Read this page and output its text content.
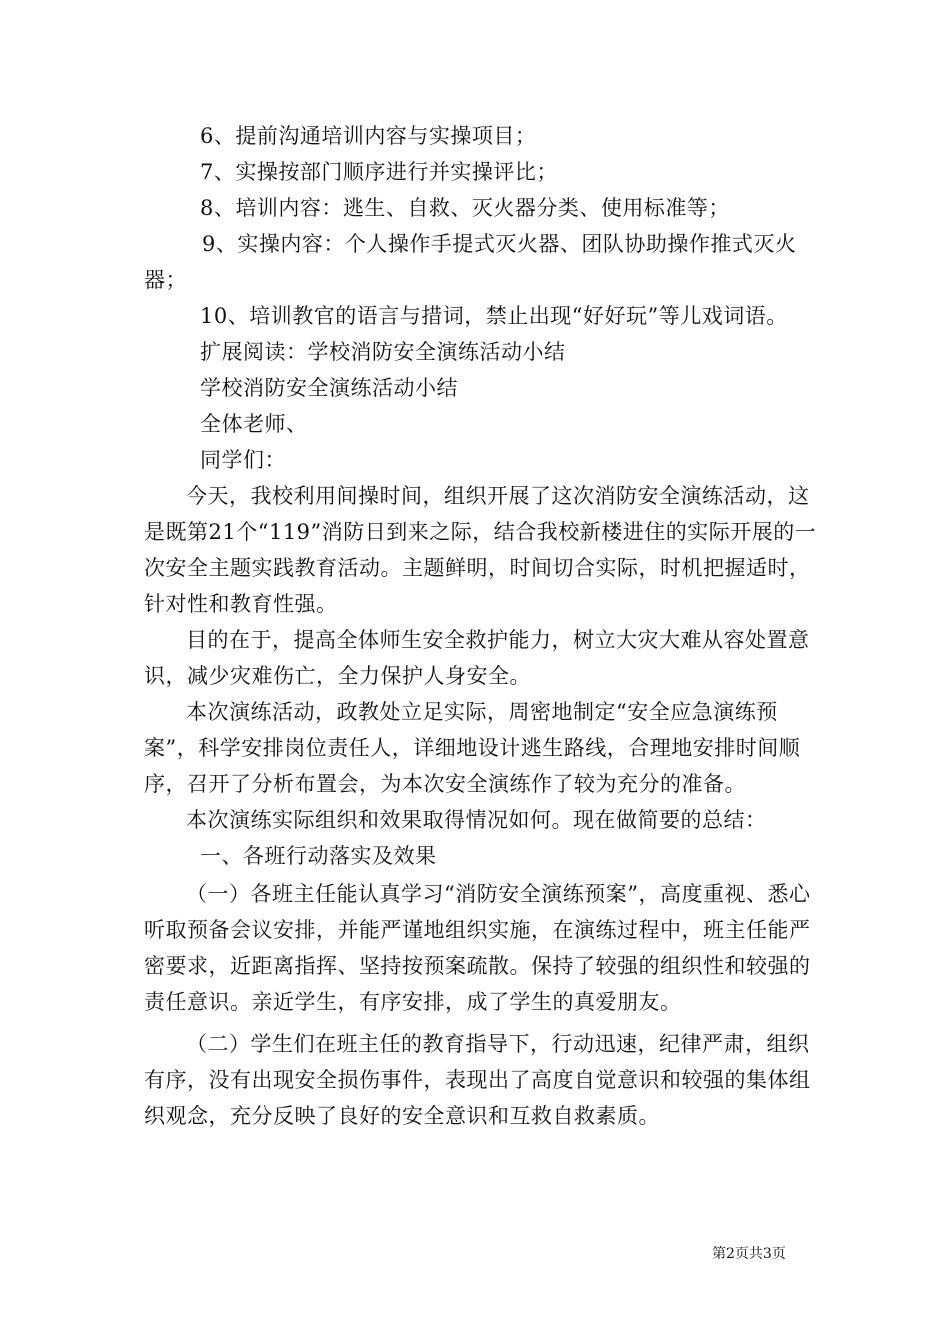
6、提前沟通培训内容与实操项目；
7、实操按部门顺序进行并实操评比；
8、培训内容：逃生、自救、灭火器分类、使用标准等；

9、实操内容：个人操作手提式灭火器、团队协助操作推式灭火器；

10、培训教官的语言与措词，禁止出现“好好玩”等儿戏词语。
扩展阅读：学校消防安全演练活动小结
学校消防安全演练活动小结
全体老师、
同学们：

今天，我校利用间操时间，组织开展了这次消防安全演练活动，这是既第21个“119”消防日到来之际，结合我校新楼进住的实际开展的一次安全主题实践教育活动。主题鲜明，时间切合实际，时机把握适时，针对性和教育性强。

目的在于，提高全体师生安全救护能力，树立大灾大难从容处置意识，减少灾难伤亡，全力保护人身安全。

本次演练活动，政教处立足实际，周密地制定“安全应急演练预案”，科学安排岗位责任人，详细地设计逃生路线，合理地安排时间顺序，召开了分析布置会，为本次安全演练作了较为充分的准备。

本次演练实际组织和效果取得情况如何。现在做简要的总结：

一、各班行动落实及效果

（一）各班主任能认真学习“消防安全演练预案”，高度重视、悉心听取预备会议安排，并能严谨地组织实施，在演练过程中，班主任能严密要求，近距离指挥、坚持按预案疏散。保持了较强的组织性和较强的责任意识。亲近学生，有序安排，成了学生的真爱朋友。

（二）学生们在班主任的教育指导下，行动迅速，纪律严肃，组织有序，没有出现安全损伤事件，表现出了高度自觉意识和较强的集体组织观念，充分反映了良好的安全意识和互救自救素质。

第2页共3页
